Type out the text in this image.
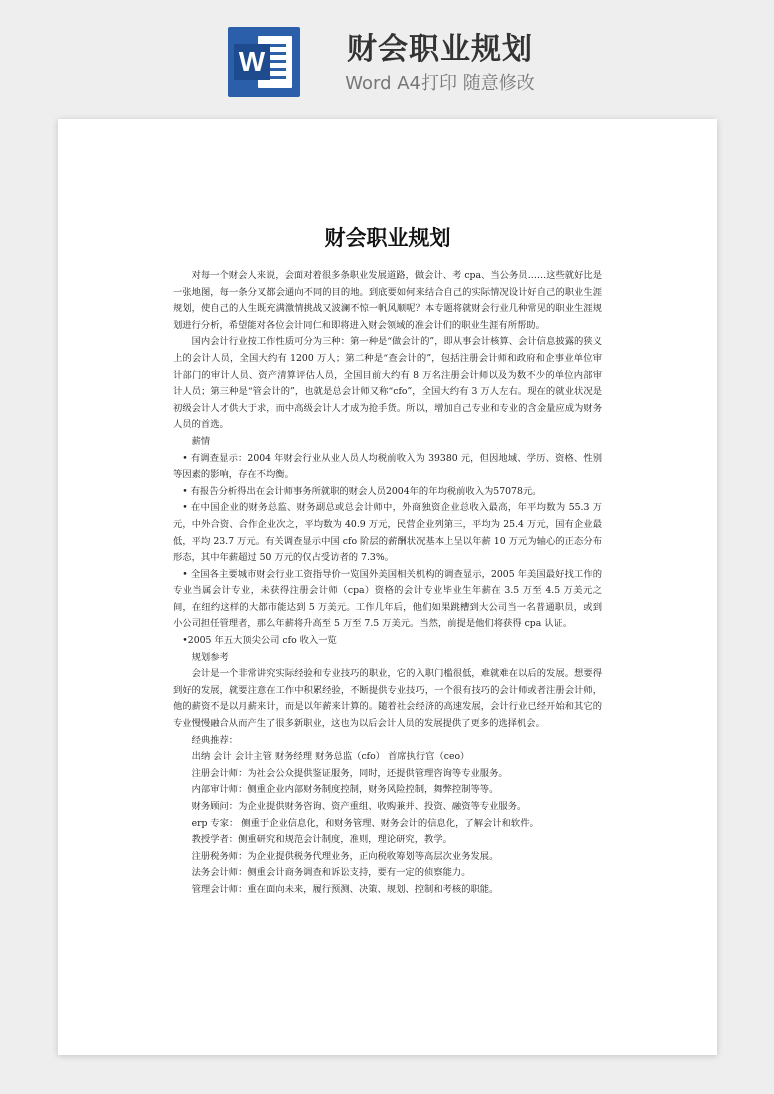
W	财会职业规划
Word A4打印 随意修改
财会职业规划

对每一个财会人来说，会面对着很多条职业发展道路，做会计、考 cpa、当公务员……这些就好比是一张地图，每一条分叉都会通向不同的目的地。到底要如何来结合自己的实际情况设计好自己的职业生涯规划，使自己的人生既充满激情挑战又波澜不惊一帆风顺呢？本专题将就财会行业几种常见的职业生涯规划进行分析，希望能对各位会计同仁和即将进入财会领域的准会计们的职业生涯有所帮助。

国内会计行业按工作性质可分为三种：第一种是“做会计的”，即从事会计核算、会计信息披露的狭义上的会计人员，全国大约有 1200 万人；第二种是“查会计的”，包括注册会计师和政府和企事业单位审计部门的审计人员、资产清算评估人员，全国目前大约有 8 万名注册会计师以及为数不少的单位内部审计人员；第三种是“管会计的”，也就是总会计师又称“cfo”，全国大约有 3 万人左右。现在的就业状况是初级会计人才供大于求，而中高级会计人才成为抢手货。所以，增加自己专业和专业的含金量应成为财务人员的首选。

薪情

• 有调查显示：2004 年财会行业从业人员人均税前收入为 39380 元，但因地域、学历、资格、性别等因素的影响，存在不均衡。

• 有报告分析得出在会计师事务所就职的财会人员2004年的年均税前收入为57078元。

• 在中国企业的财务总监、财务副总或总会计师中，外商独资企业总收入最高，年平均数为 55.3 万元，中外合资、合作企业次之，平均数为 40.9 万元，民营企业列第三，平均为 25.4 万元，国有企业最低，平均 23.7 万元。有关调查显示中国 cfo 阶层的薪酬状况基本上呈以年薪 10 万元为轴心的正态分布形态，其中年薪超过 50 万元的仅占受访者的 7.3%。

• 全国各主要城市财会行业工资指导价一览国外美国相关机构的调查显示，2005 年美国最好找工作的专业当属会计专业，未获得注册会计师（cpa）资格的会计专业毕业生年薪在 3.5 万至 4.5 万美元之间，在纽约这样的大都市能达到 5 万美元。工作几年后，他们如果跳槽到大公司当一名普通职员，或到小公司担任管理者，那么年薪将升高至 5 万至 7.5 万美元。当然，前提是他们将获得 cpa 认证。

•2005 年五大顶尖公司 cfo 收入一览

规划参考

会计是一个非常讲究实际经验和专业技巧的职业，它的入职门槛很低，难就难在以后的发展。想要得到好的发展，就要注意在工作中积累经验，不断提供专业技巧，一个很有技巧的会计师或者注册会计师，他的薪资不是以月薪来计，而是以年薪来计算的。随着社会经济的高速发展，会计行业已经开始和其它的专业慢慢融合从而产生了很多新职业，这也为以后会计人员的发展提供了更多的选择机会。

经典推荐：

出纳 会计 会计主管 财务经理 财务总监（cfo） 首席执行官（ceo）

注册会计师：为社会公众提供鉴证服务，同时，还提供管理咨询等专业服务。

内部审计师：侧重企业内部财务制度控制，财务风险控制，舞弊控制等等。

财务顾问：为企业提供财务咨询、资产重组、收购兼并、投资、融资等专业服务。

erp 专家： 侧重于企业信息化，和财务管理、财务会计的信息化，了解会计和软件。

教授学者：侧重研究和规范会计制度，准则，理论研究，教学。

注册税务师：为企业提供税务代理业务，正向税收筹划等高层次业务发展。

法务会计师：侧重会计商务调查和诉讼支持，要有一定的侦察能力。

管理会计师：重在面向未来，履行预测、决策、规划、控制和考核的职能。
